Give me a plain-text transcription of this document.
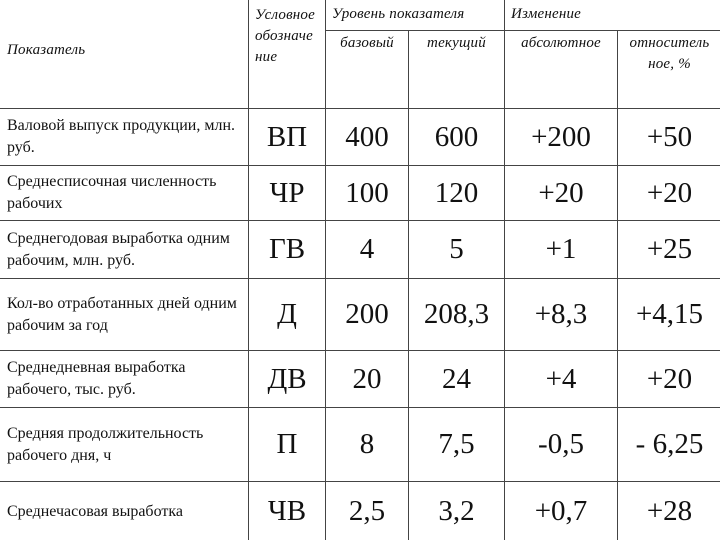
Показатель	Условное обозначение	Уровень показателя		Изменение	
		базовый	текущий	абсолютное	относительное, %

Валовой выпуск продукции, млн. руб.	ВП	400	600	+200	+50
Среднесписочная численность рабочих	ЧР	100	120	+20	+20
Среднегодовая выработка одним рабочим, млн. руб.	ГВ	4	5	+1	+25
Кол-во отработанных дней одним рабочим за год	Д	200	208,3	+8,3	+4,15
Среднедневная выработка рабочего, тыс. руб.	ДВ	20	24	+4	+20
Средняя продолжительность рабочего дня, ч	П	8	7,5	-0,5	- 6,25
Среднечасовая выработка	ЧВ	2,5	3,2	+0,7	+28
